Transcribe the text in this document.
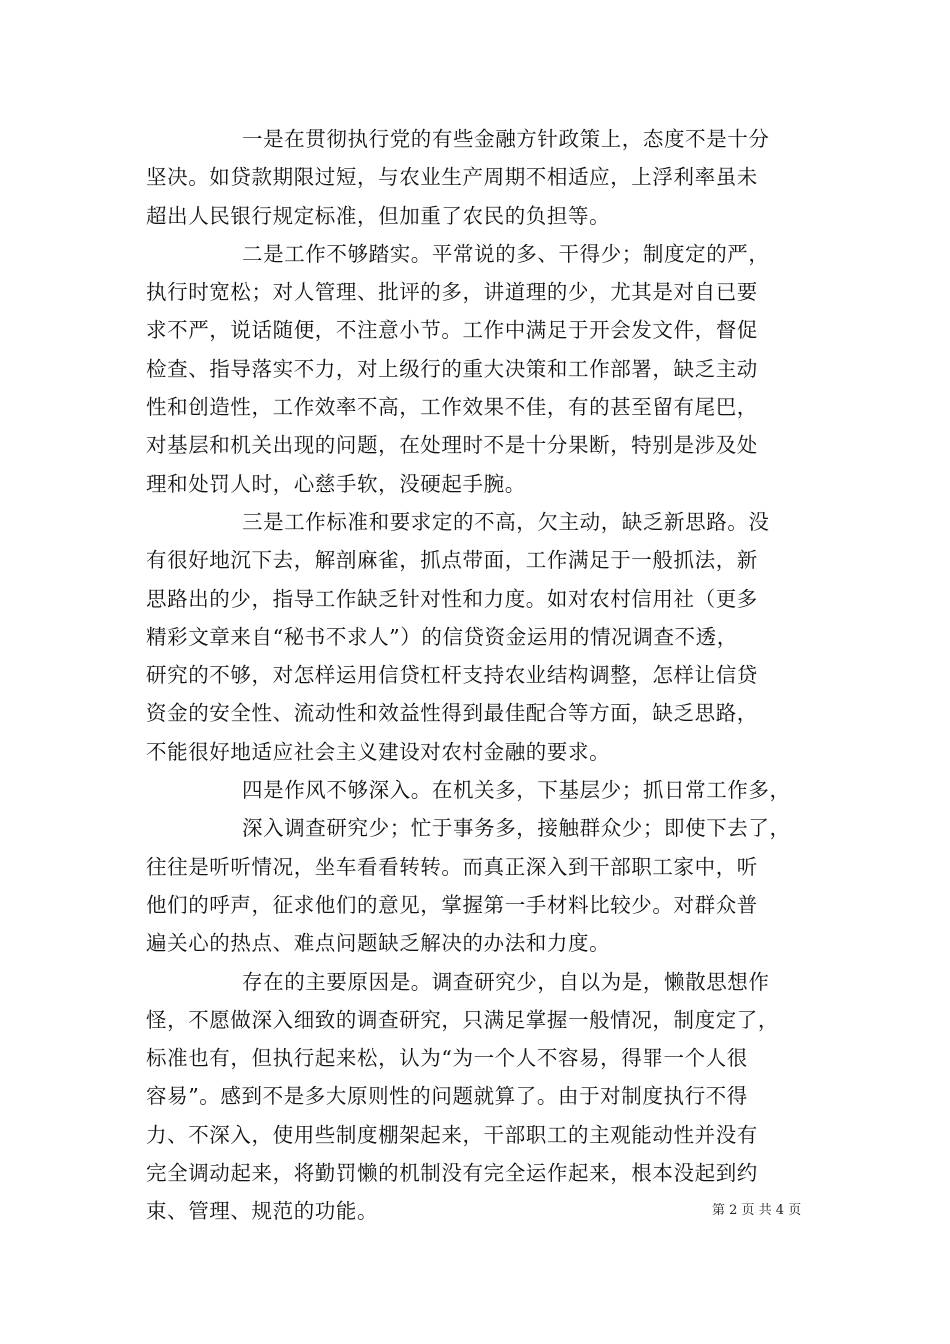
一是在贯彻执行党的有些金融方针政策上，态度不是十分
坚决。如贷款期限过短，与农业生产周期不相适应，上浮利率虽未
超出人民银行规定标准，但加重了农民的负担等。
二是工作不够踏实。平常说的多、干得少；制度定的严，
执行时宽松；对人管理、批评的多，讲道理的少，尤其是对自已要
求不严，说话随便，不注意小节。工作中满足于开会发文件，督促
检查、指导落实不力，对上级行的重大决策和工作部署，缺乏主动
性和创造性，工作效率不高，工作效果不佳，有的甚至留有尾巴，
对基层和机关出现的问题，在处理时不是十分果断，特别是涉及处
理和处罚人时，心慈手软，没硬起手腕。
三是工作标准和要求定的不高，欠主动，缺乏新思路。没
有很好地沉下去，解剖麻雀，抓点带面，工作满足于一般抓法，新
思路出的少，指导工作缺乏针对性和力度。如对农村信用社（更多
精彩文章来自“秘书不求人”）的信贷资金运用的情况调查不透，
研究的不够，对怎样运用信贷杠杆支持农业结构调整，怎样让信贷
资金的安全性、流动性和效益性得到最佳配合等方面，缺乏思路，
不能很好地适应社会主义建设对农村金融的要求。
四是作风不够深入。在机关多，下基层少；抓日常工作多，
深入调查研究少；忙于事务多，接触群众少；即使下去了，
往往是听听情况，坐车看看转转。而真正深入到干部职工家中，听
他们的呼声，征求他们的意见，掌握第一手材料比较少。对群众普
遍关心的热点、难点问题缺乏解决的办法和力度。
存在的主要原因是。调查研究少，自以为是，懒散思想作
怪，不愿做深入细致的调查研究，只满足掌握一般情况，制度定了，
标准也有，但执行起来松，认为“为一个人不容易，得罪一个人很
容易”。感到不是多大原则性的问题就算了。由于对制度执行不得
力、不深入，使用些制度棚架起来，干部职工的主观能动性并没有
完全调动起来，将勤罚懒的机制没有完全运作起来，根本没起到约
束、管理、规范的功能。	第 2 页 共 4 页
